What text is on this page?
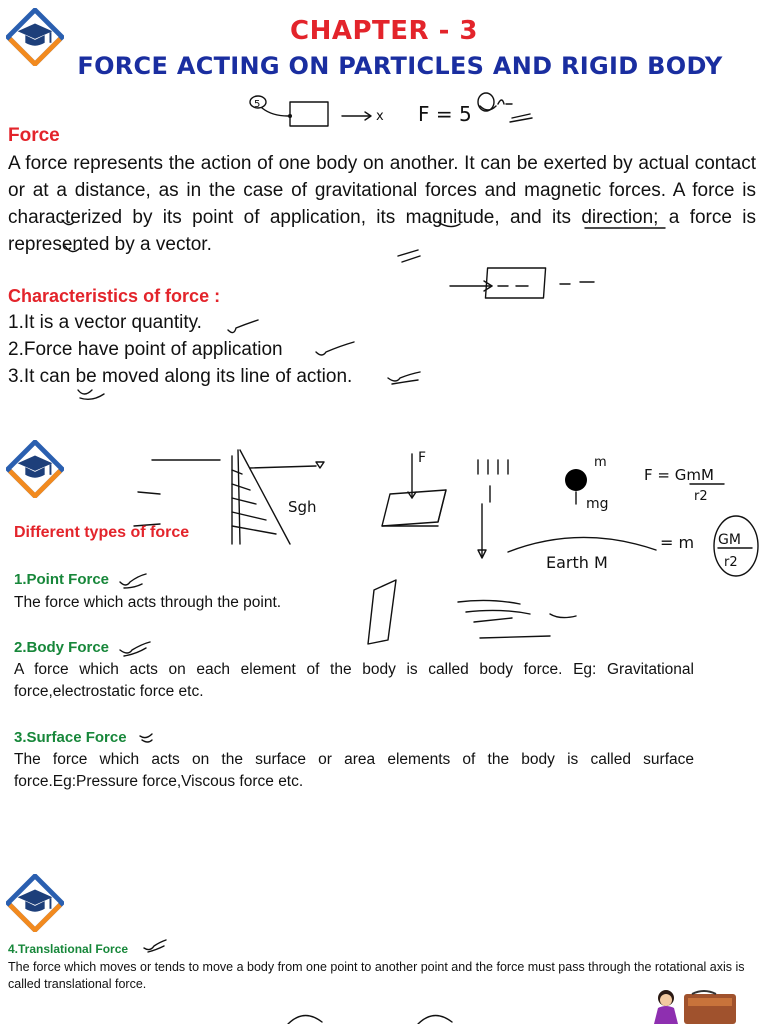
CHAPTER - 3
FORCE ACTING ON PARTICLES AND RIGID BODY
5
x F = 5
Force
A force represents the action of one body on another. It can be exerted by actual contact or at a distance, as in the case of gravitational forces and magnetic forces. A force is characterized by its point of application, its magnitude, and its direction; a force is represented by a vector.
Characteristics of force :
1.It is a vector quantity.
2.Force have point of application
3.It can be moved along its line of action.
Sgh
F	m
mg
F = GmM
r2
Earth M
= m GM
r2
Different types of force
1.Point Force
The force which acts through the point.
2.Body Force
A force which acts on each element of the body is called body force. Eg: Gravitational force,electrostatic force etc.
3.Surface Force
The force which acts on the surface or area elements of the body is called surface force.Eg:Pressure force,Viscous force etc.
4.Translational Force
The force which moves or tends to move a body from one point to another point and the force must pass through the rotational axis is called translational force.
